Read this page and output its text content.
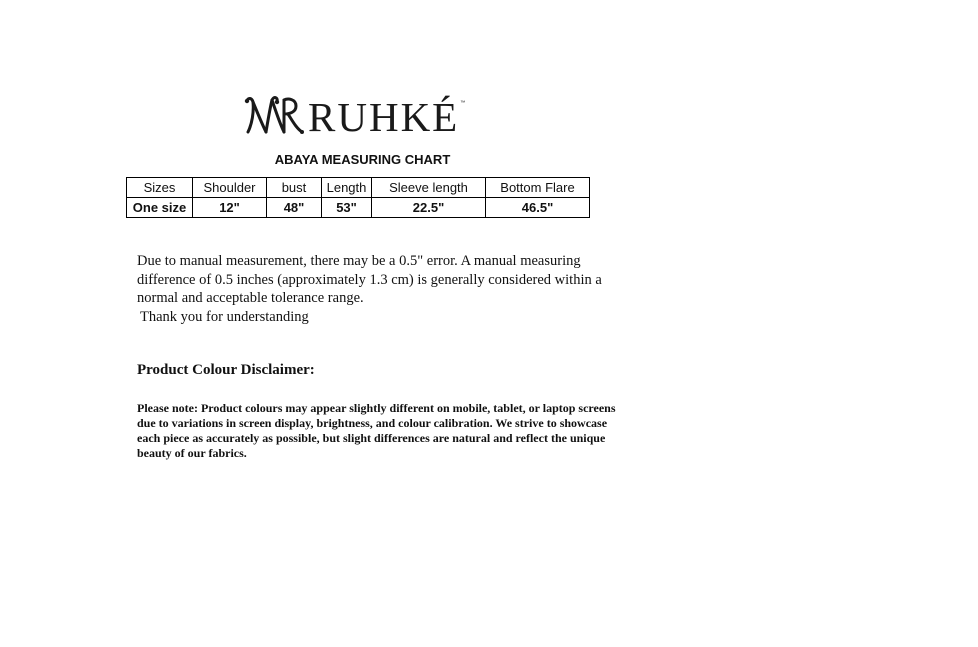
RUHKÉ ™
ABAYA MEASURING CHART
Sizes	Shoulder	bust	Length	Sleeve length	Bottom Flare
One size	12"	48"	53"	22.5"	46.5"

Due to manual measurement, there may be a 0.5" error. A manual measuring difference of 0.5 inches (approximately 1.3 cm) is generally considered within a normal and acceptable tolerance range.

Thank you for understanding

Product Colour Disclaimer:
Please note: Product colours may appear slightly different on mobile, tablet, or laptop screens due to variations in screen display, brightness, and colour calibration. We strive to showcase each piece as accurately as possible, but slight differences are natural and reflect the unique beauty of our fabrics.
